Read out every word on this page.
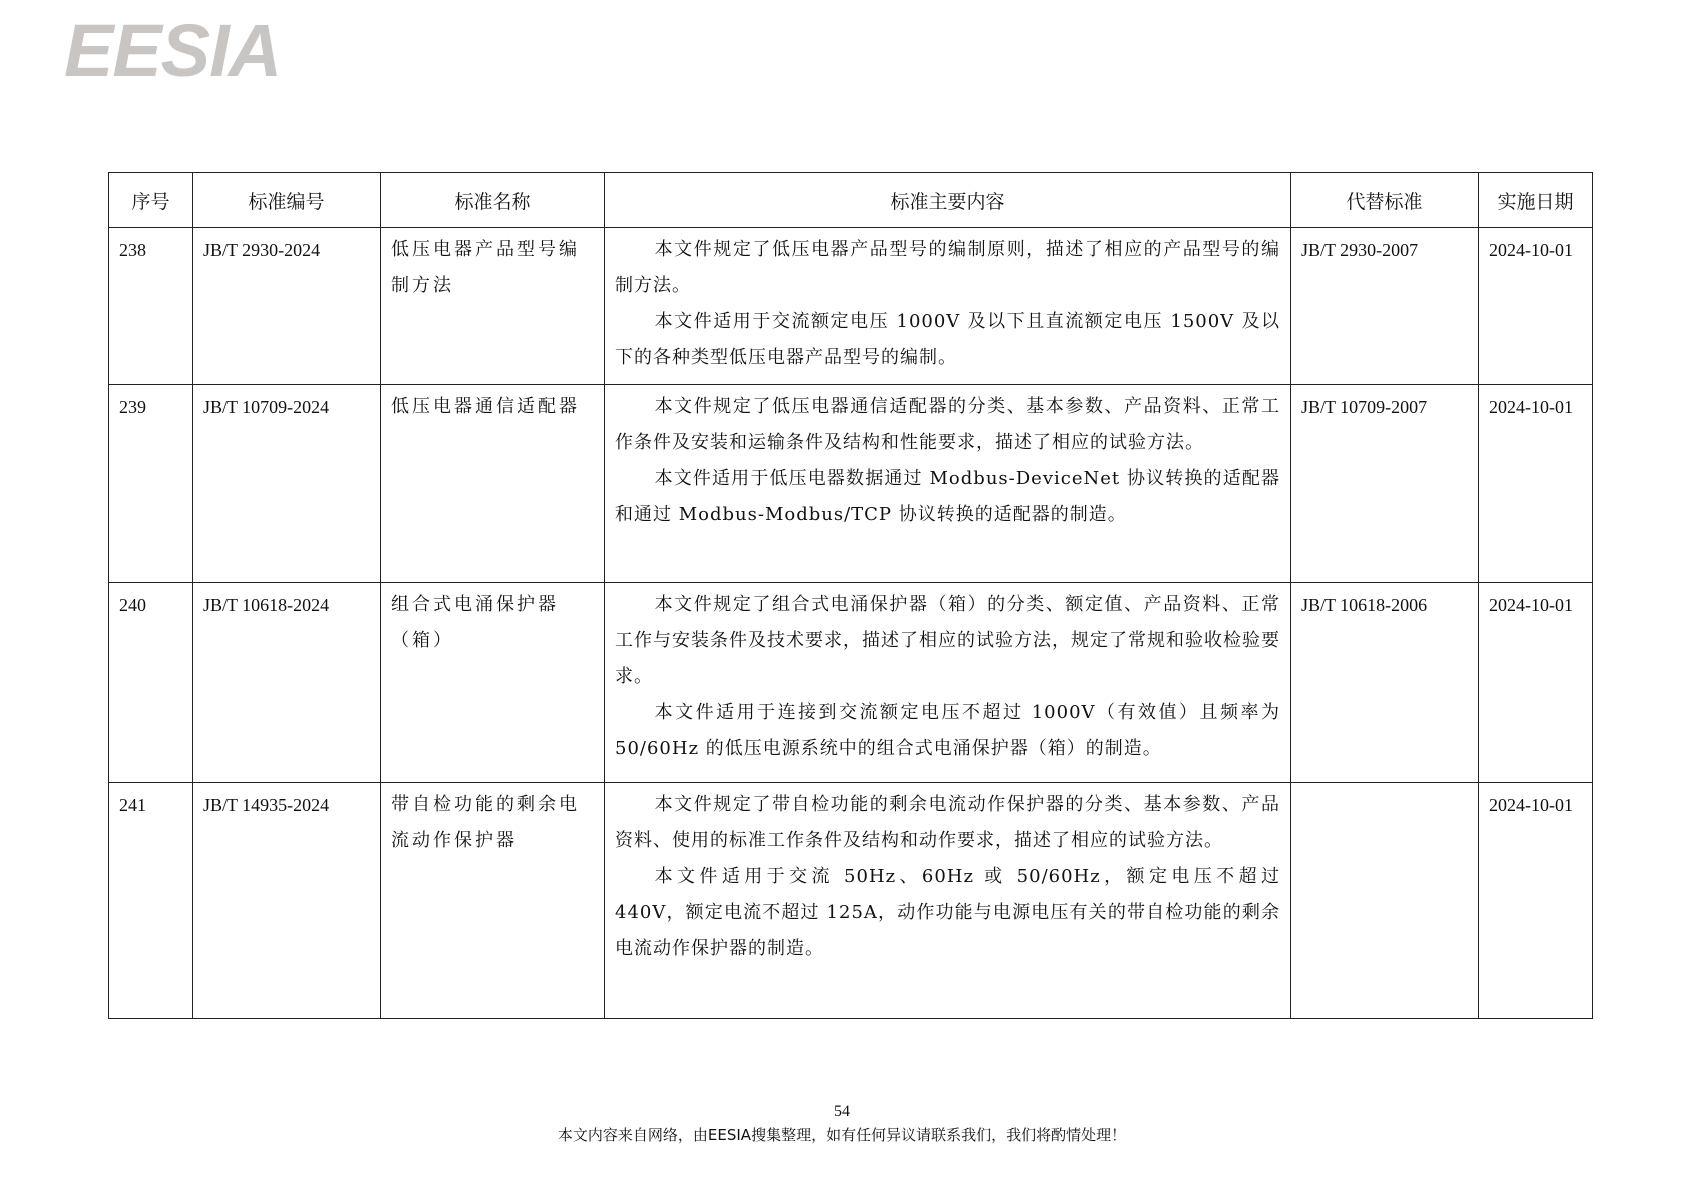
EESIA
序号	标准编号	标准名称	标准主要内容	代替标准	实施日期
238	JB/T 2930-2024	低压电器产品型号编制方法	本文件规定了低压电器产品型号的编制原则，描述了相应的产品型号的编制方法。

本文件适用于交流额定电压 1000V 及以下且直流额定电压 1500V 及以下的各种类型低压电器产品型号的编制。	JB/T 2930-2007	2024-10-01
239	JB/T 10709-2024	低压电器通信适配器	本文件规定了低压电器通信适配器的分类、基本参数、产品资料、正常工作条件及安装和运输条件及结构和性能要求，描述了相应的试验方法。

本文件适用于低压电器数据通过 Modbus-DeviceNet 协议转换的适配器和通过 Modbus-Modbus/TCP 协议转换的适配器的制造。	JB/T 10709-2007	2024-10-01
240	JB/T 10618-2024	组合式电涌保护器（箱）	本文件规定了组合式电涌保护器（箱）的分类、额定值、产品资料、正常工作与安装条件及技术要求，描述了相应的试验方法，规定了常规和验收检验要求。

本文件适用于连接到交流额定电压不超过 1000V（有效值）且频率为 50/60Hz 的低压电源系统中的组合式电涌保护器（箱）的制造。	JB/T 10618-2006	2024-10-01
241	JB/T 14935-2024	带自检功能的剩余电流动作保护器	本文件规定了带自检功能的剩余电流动作保护器的分类、基本参数、产品资料、使用的标准工作条件及结构和动作要求，描述了相应的试验方法。

本文件适用于交流 50Hz、60Hz 或 50/60Hz，额定电压不超过 440V，额定电流不超过 125A，动作功能与电源电压有关的带自检功能的剩余电流动作保护器的制造。		2024-10-01
54
本文内容来自网络，由EESIA搜集整理，如有任何异议请联系我们，我们将酌情处理！
